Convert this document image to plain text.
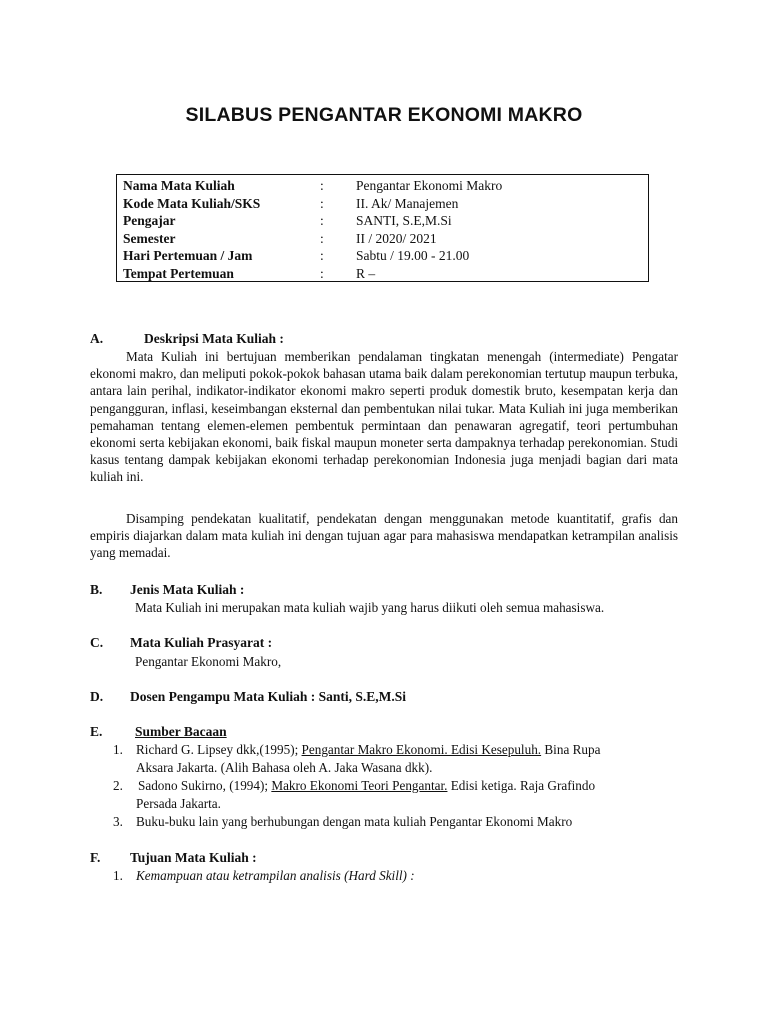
SILABUS PENGANTAR EKONOMI MAKRO
Nama Mata Kuliah	:	Pengantar Ekonomi Makro
Kode Mata Kuliah/SKS	:	II. Ak/ Manajemen
Pengajar	:	SANTI, S.E,M.Si
Semester	:	II / 2020/ 2021
Hari Pertemuan / Jam	:	Sabtu / 19.00 - 21.00
Tempat Pertemuan	:	R –
A.	Deskripsi Mata Kuliah :
Mata Kuliah ini bertujuan memberikan pendalaman tingkatan menengah (intermediate) Pengatar ekonomi makro, dan meliputi pokok-pokok bahasan utama baik dalam perekonomian tertutup maupun terbuka, antara lain perihal, indikator-indikator ekonomi makro seperti produk domestik bruto, kesempatan kerja dan pengangguran, inflasi, keseimbangan eksternal dan pembentukan nilai tukar. Mata Kuliah ini juga memberikan pemahaman tentang elemen-elemen pembentuk permintaan dan penawaran agregatif, teori pertumbuhan ekonomi serta kebijakan ekonomi, baik fiskal maupun moneter serta dampaknya terhadap perekonomian. Studi kasus tentang dampak kebijakan ekonomi terhadap perekonomian Indonesia juga menjadi bagian dari mata kuliah ini.
Disamping pendekatan kualitatif, pendekatan dengan menggunakan metode kuantitatif, grafis dan empiris diajarkan dalam mata kuliah ini dengan tujuan agar para mahasiswa mendapatkan ketrampilan analisis yang memadai.
B. Jenis Mata Kuliah :
Mata Kuliah ini merupakan mata kuliah wajib yang harus diikuti oleh semua mahasiswa.
C. Mata Kuliah Prasyarat :
Pengantar Ekonomi Makro,
D. Dosen Pengampu Mata Kuliah : Santi, S.E,M.Si
E. Sumber Bacaan
1. Richard G. Lipsey dkk,(1995); Pengantar Makro Ekonomi. Edisi Kesepuluh. Bina Rupa
Aksara Jakarta. (Alih Bahasa oleh A. Jaka Wasana dkk).
2. Sadono Sukirno, (1994); Makro Ekonomi Teori Pengantar. Edisi ketiga. Raja Grafindo
Persada Jakarta.
3. Buku-buku lain yang berhubungan dengan mata kuliah Pengantar Ekonomi Makro
F. Tujuan Mata Kuliah :
1. Kemampuan atau ketrampilan analisis (Hard Skill) :
